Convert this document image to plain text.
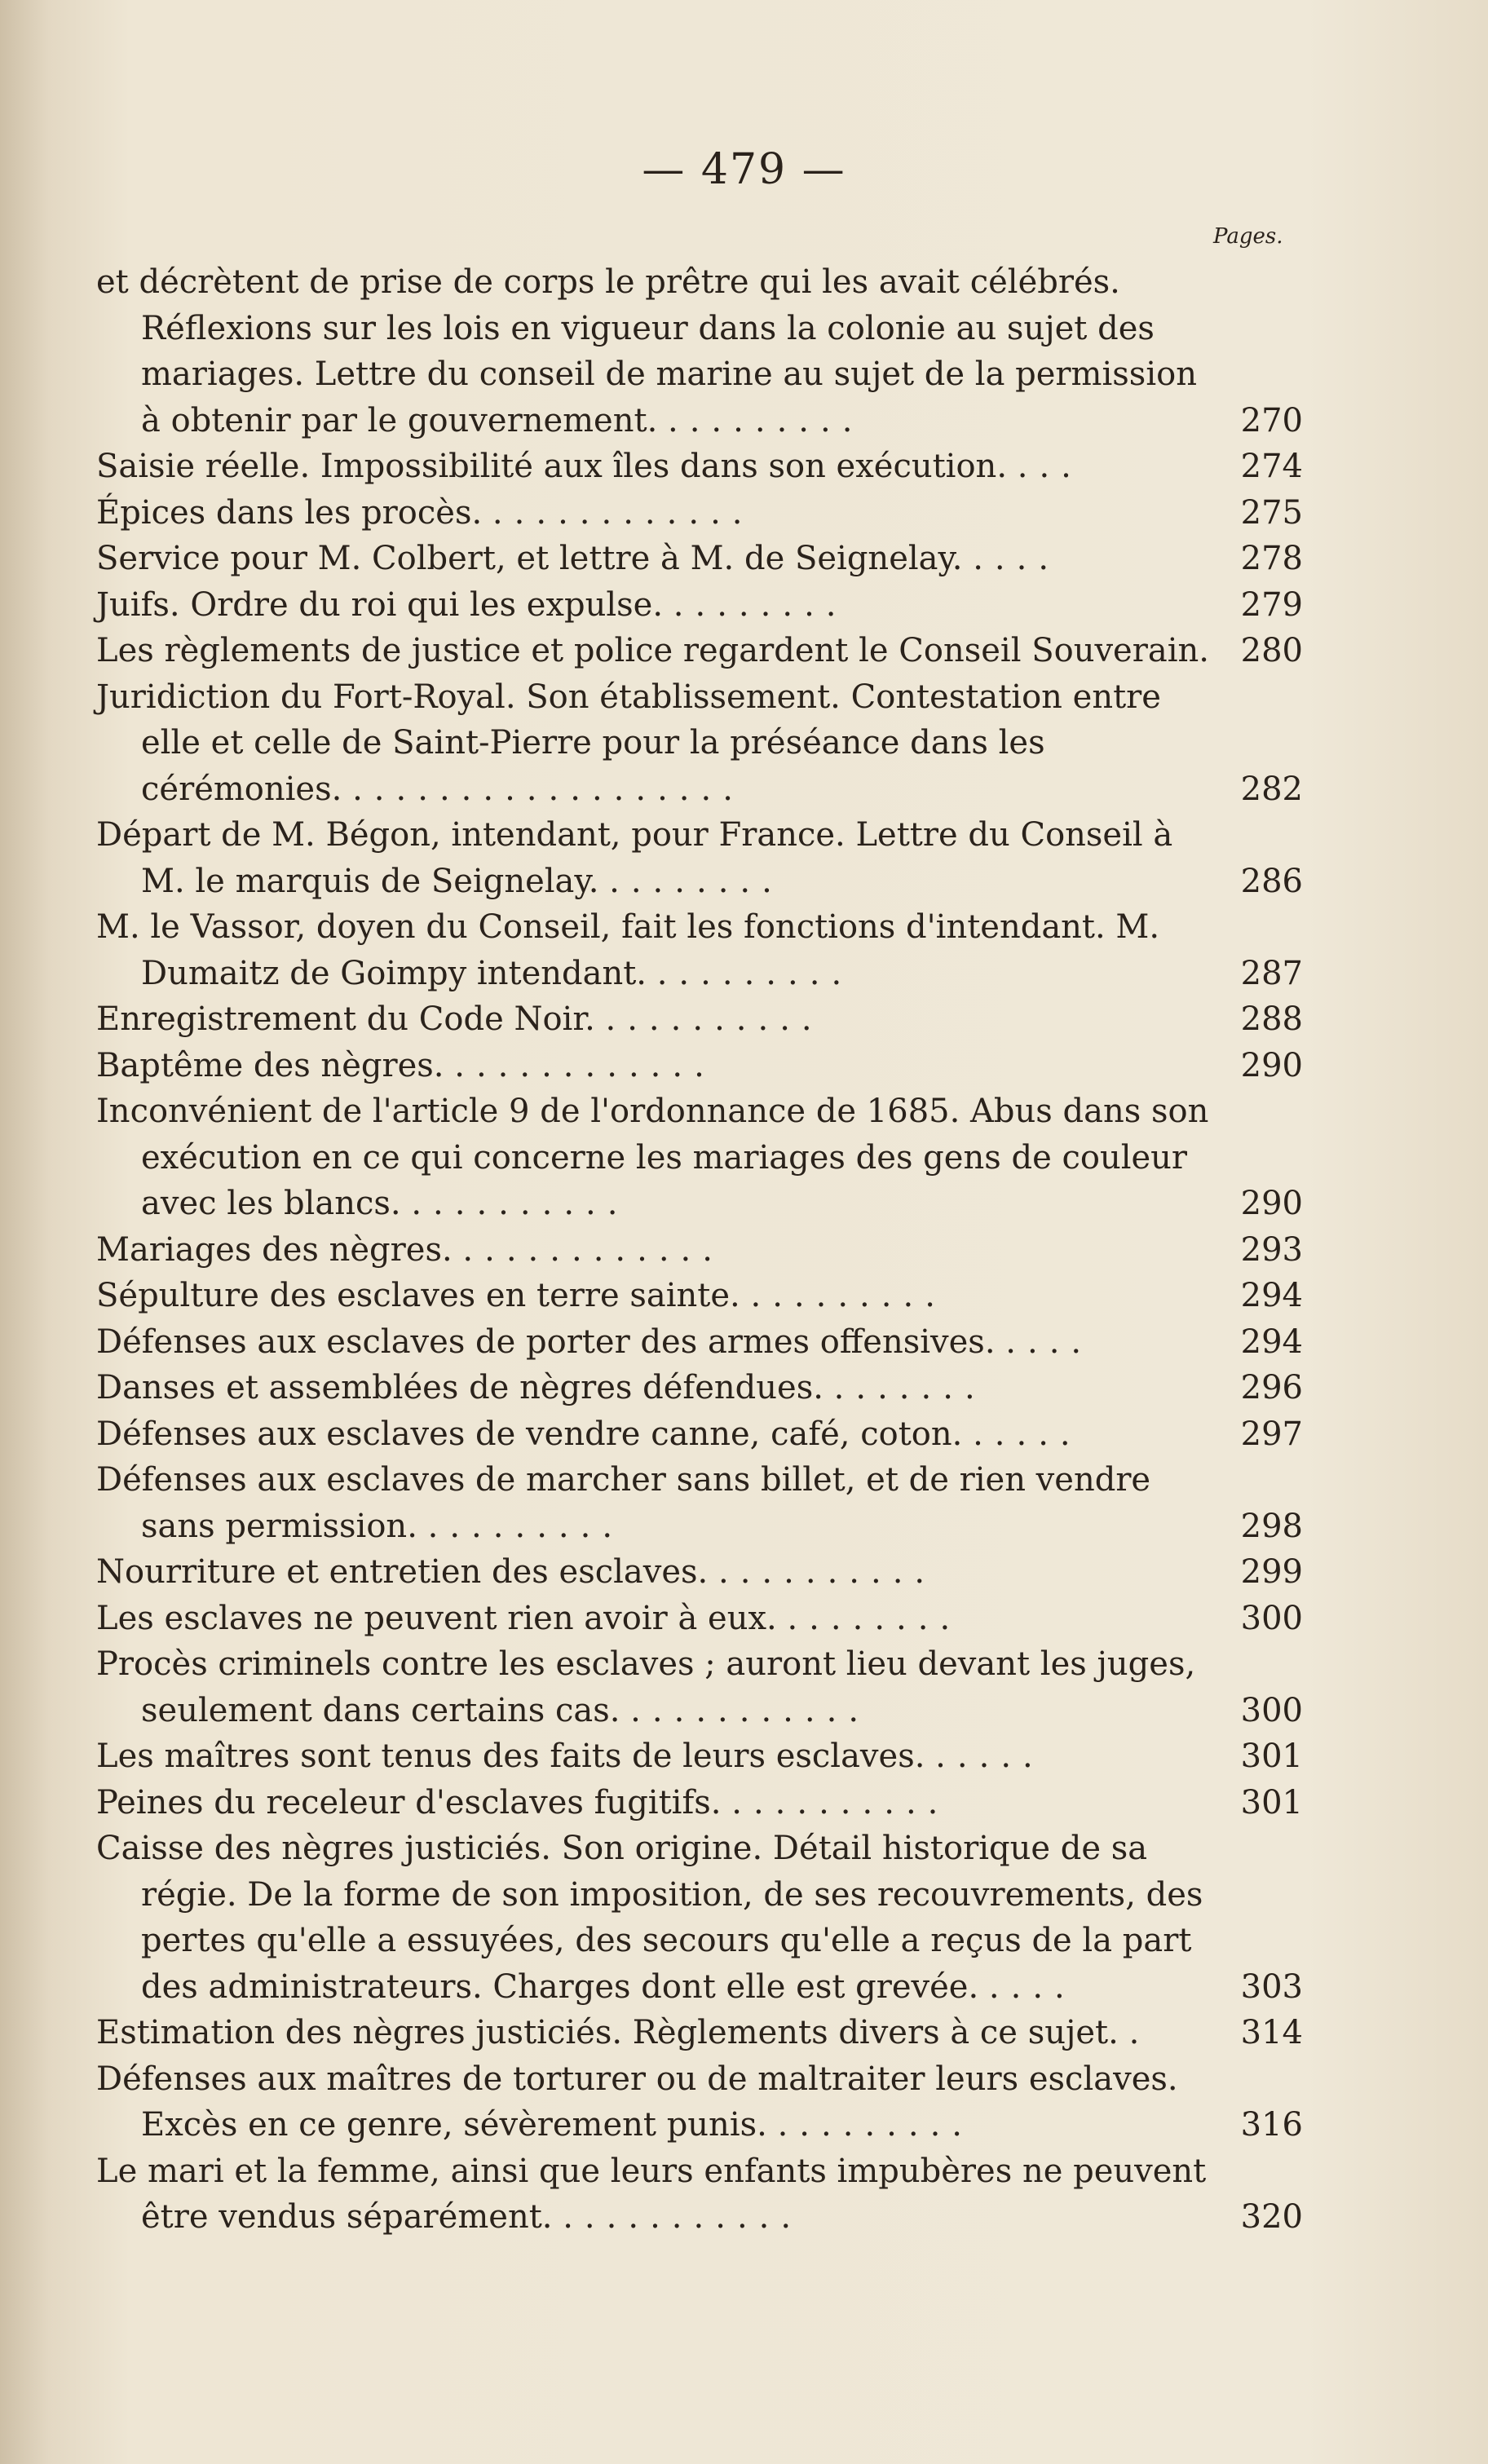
— 479 —
Pages.
et décrètent de prise de corps le prêtre qui les avait célébrés. Réflexions sur les lois en vigueur dans la colonie au sujet des mariages. Lettre du conseil de marine au sujet de la permission à obtenir par le gouvernement. .........	270
Saisie réelle. Impossibilité aux îles dans son exécution. ...	274
Épices dans les procès. ............	275
Service pour M. Colbert, et lettre à M. de Seignelay. ....	278
Juifs. Ordre du roi qui les expulse. ........	279
Les règlements de justice et police regardent le Conseil Souverain. 280
Juridiction du Fort-Royal. Son établissement. Contestation entre elle et celle de Saint-Pierre pour la préséance dans les cérémonies. ..................	282
Départ de M. Bégon, intendant, pour France. Lettre du Conseil à M. le marquis de Seignelay. ........	286
M. le Vassor, doyen du Conseil, fait les fonctions d'intendant. M. Dumaitz de Goimpy intendant. .........	287
Enregistrement du Code Noir. ..........	288
Baptême des nègres. ............	290
Inconvénient de l'article 9 de l'ordonnance de 1685. Abus dans son exécution en ce qui concerne les mariages des gens de couleur avec les blancs. ..........	290
Mariages des nègres. ............	293
Sépulture des esclaves en terre sainte. .........	294
Défenses aux esclaves de porter des armes offensives. ....	294
Danses et assemblées de nègres défendues. .......	296
Défenses aux esclaves de vendre canne, café, coton. .....	297
Défenses aux esclaves de marcher sans billet, et de rien vendre sans permission. .........	298
Nourriture et entretien des esclaves. ..........	299
Les esclaves ne peuvent rien avoir à eux. ........	300
Procès criminels contre les esclaves ; auront lieu devant les juges, seulement dans certains cas. ...........	300
Les maîtres sont tenus des faits de leurs esclaves. .....	301
Peines du receleur d'esclaves fugitifs. ..........	301
Caisse des nègres justiciés. Son origine. Détail historique de sa régie. De la forme de son imposition, de ses recouvrements, des pertes qu'elle a essuyées, des secours qu'elle a reçus de la part des administrateurs. Charges dont elle est grevée. ....	303
Estimation des nègres justiciés. Règlements divers à ce sujet. .	314
Défenses aux maîtres de torturer ou de maltraiter leurs esclaves. Excès en ce genre, sévèrement punis. .........	316
Le mari et la femme, ainsi que leurs enfants impubères ne peuvent être vendus séparément. ...........	320
